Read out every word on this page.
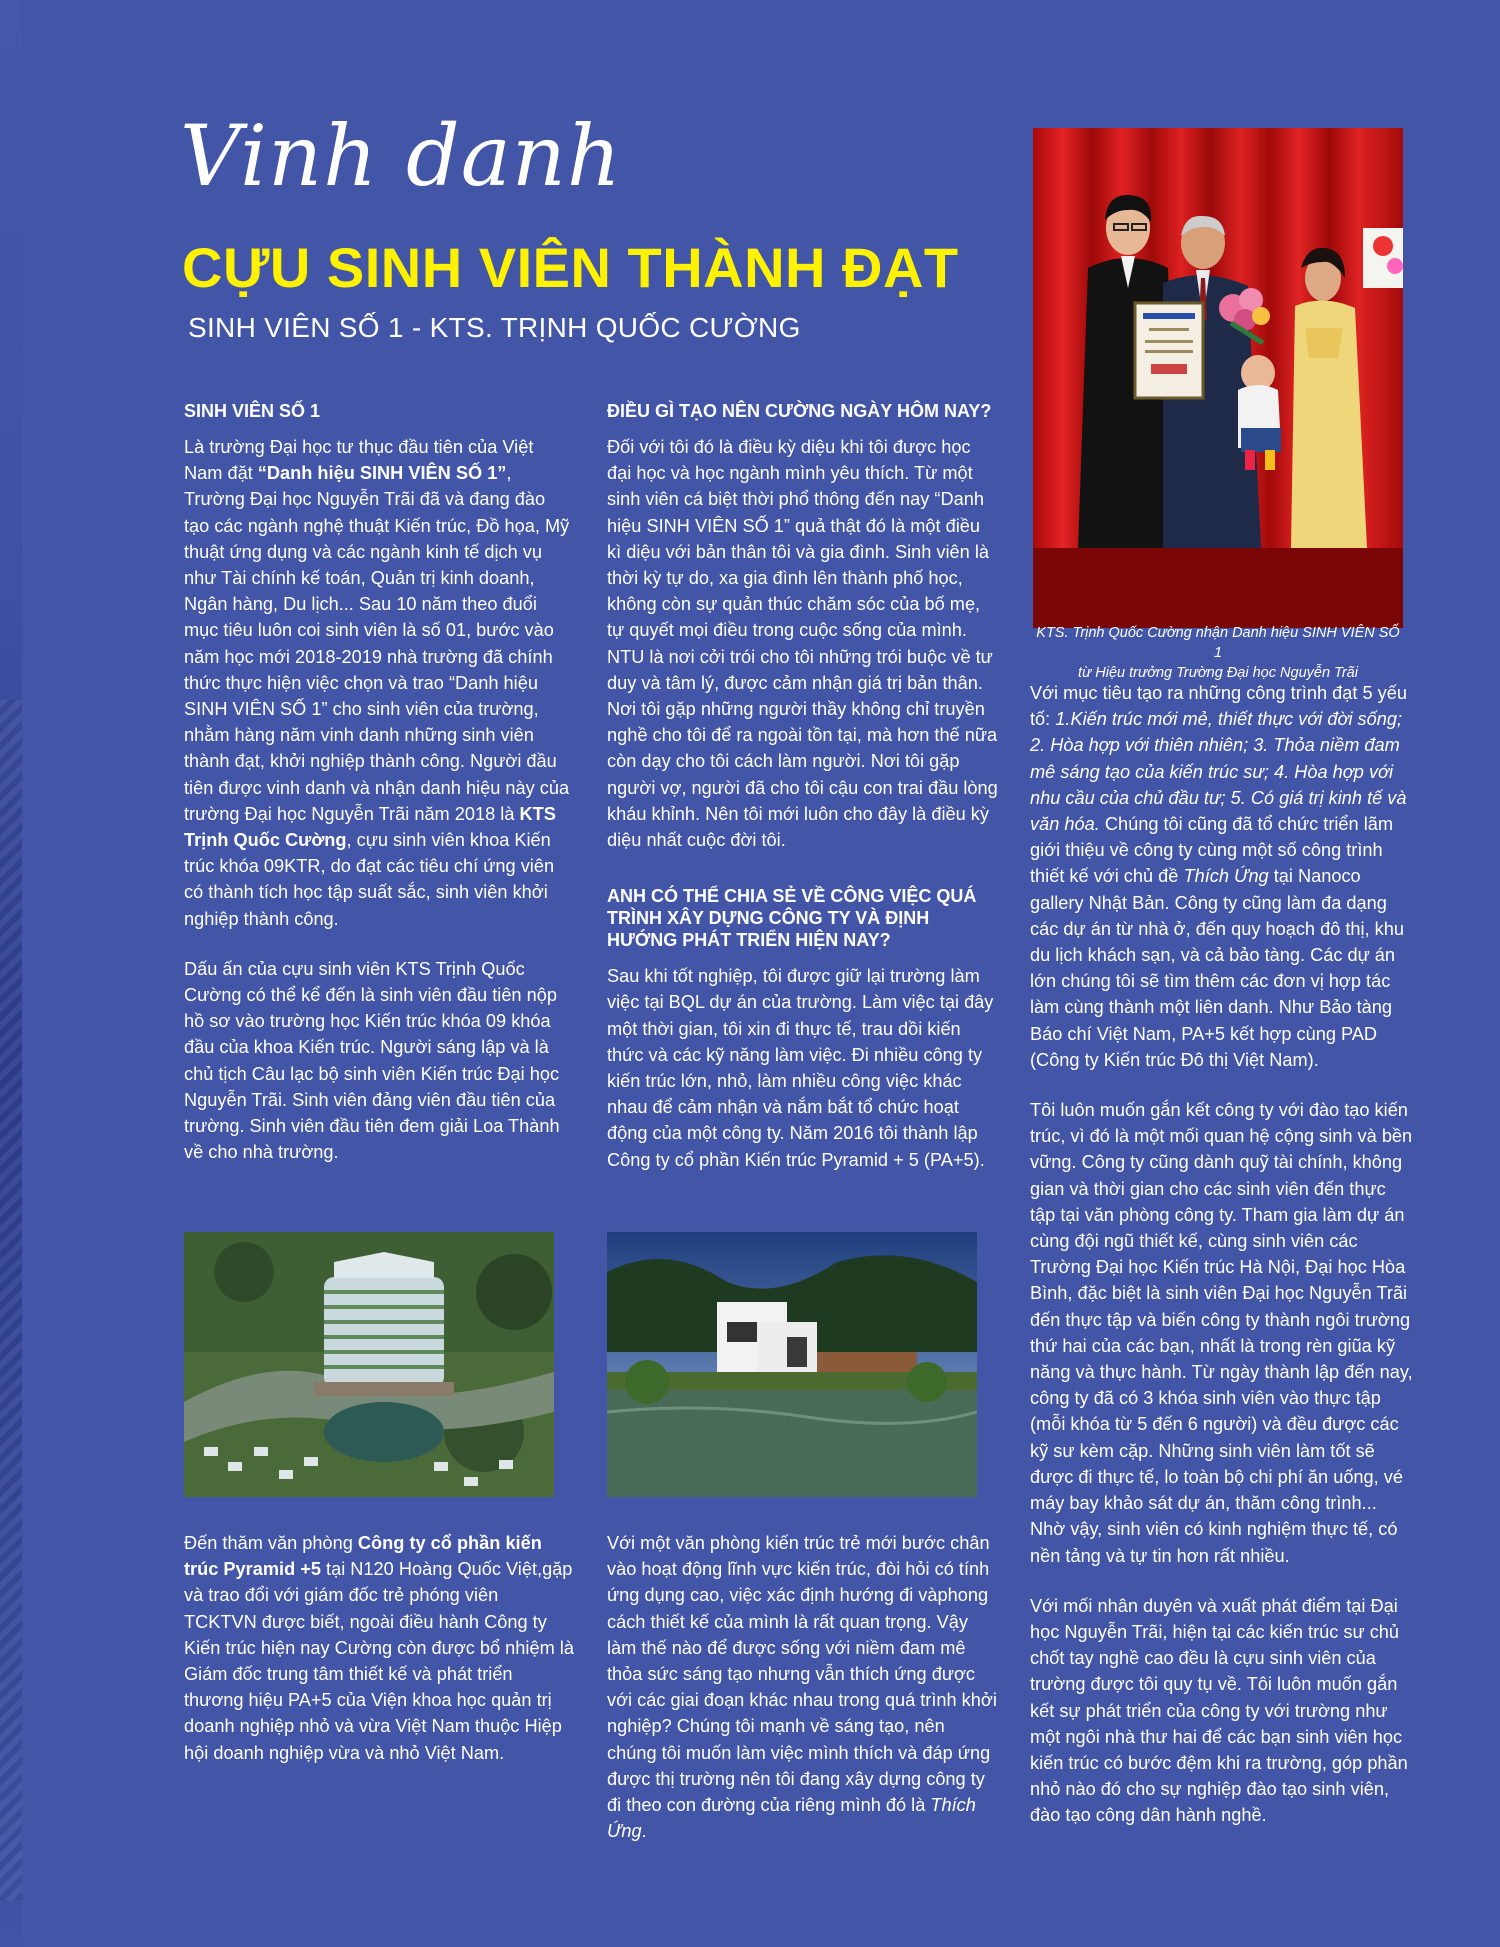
Vinh danh
CỰU SINH VIÊN THÀNH ĐẠT
SINH VIÊN SỐ 1 - KTS. TRỊNH QUỐC CƯỜNG
KTS. Trịnh Quốc Cường nhận Danh hiệu SINH VIÊN SỐ 1
từ Hiệu trưởng Trường Đại học Nguyễn Trãi
SINH VIÊN SỐ 1

Là trường Đại học tư thục đầu tiên của Việt Nam đặt “Danh hiệu SINH VIÊN SỐ 1”, Trường Đại học Nguyễn Trãi đã và đang đào tạo các ngành nghệ thuật Kiến trúc, Đồ họa, Mỹ thuật ứng dụng và các ngành kinh tế dịch vụ như Tài chính kế toán, Quản trị kinh doanh, Ngân hàng, Du lịch... Sau 10 năm theo đuổi mục tiêu luôn coi sinh viên là số 01, bước vào năm học mới 2018-2019 nhà trường đã chính thức thực hiện việc chọn và trao “Danh hiệu SINH VIÊN SỐ 1” cho sinh viên của trường, nhằm hàng năm vinh danh những sinh viên thành đạt, khởi nghiệp thành công. Người đầu tiên được vinh danh và nhận danh hiệu này của trường Đại học Nguyễn Trãi năm 2018 là KTS Trịnh Quốc Cường, cựu sinh viên khoa Kiến trúc khóa 09KTR, do đạt các tiêu chí ứng viên có thành tích học tập suất sắc, sinh viên khởi nghiệp thành công.

Dấu ấn của cựu sinh viên KTS Trịnh Quốc Cường có thể kể đến là sinh viên đầu tiên nộp hồ sơ vào trường học Kiến trúc khóa 09 khóa đầu của khoa Kiến trúc. Người sáng lập và là chủ tịch Câu lạc bộ sinh viên Kiến trúc Đại học Nguyễn Trãi. Sinh viên đảng viên đầu tiên của trường. Sinh viên đầu tiên đem giải Loa Thành về cho nhà trường.

ĐIỀU GÌ TẠO NÊN CƯỜNG NGÀY HÔM NAY?

Đối với tôi đó là điều kỳ diệu khi tôi được học đại học và học ngành mình yêu thích. Từ một sinh viên cá biệt thời phổ thông đến nay “Danh hiệu SINH VIÊN SỐ 1” quả thật đó là một điều kì diệu với bản thân tôi và gia đình. Sinh viên là thời kỳ tự do, xa gia đình lên thành phố học, không còn sự quản thúc chăm sóc của bố mẹ, tự quyết mọi điều trong cuộc sống của mình. NTU là nơi cởi trói cho tôi những trói buộc về tư duy và tâm lý, được cảm nhận giá trị bản thân. Nơi tôi gặp những người thầy không chỉ truyền nghề cho tôi để ra ngoài tồn tại, mà hơn thế nữa còn dạy cho tôi cách làm người. Nơi tôi gặp người vợ, người đã cho tôi cậu con trai đầu lòng kháu khỉnh. Nên tôi mới luôn cho đây là điều kỳ diệu nhất cuộc đời tôi.

ANH CÓ THỂ CHIA SẺ VỀ CÔNG VIỆC QUÁ TRÌNH XÂY DỰNG CÔNG TY VÀ ĐỊNH HƯỚNG PHÁT TRIỂN HIỆN NAY?

Sau khi tốt nghiệp, tôi được giữ lại trường làm việc tại BQL dự án của trường. Làm việc tại đây một thời gian, tôi xin đi thực tế, trau dồi kiến thức và các kỹ năng làm việc. Đi nhiều công ty kiến trúc lớn, nhỏ, làm nhiều công việc khác nhau để cảm nhận và nắm bắt tổ chức hoạt động của một công ty. Năm 2016 tôi thành lập Công ty cổ phần Kiến trúc Pyramid + 5 (PA+5).

Đến thăm văn phòng Công ty cổ phần kiến trúc Pyramid +5 tại N120 Hoàng Quốc Việt,gặp và trao đổi với giám đốc trẻ phóng viên TCKTVN được biết, ngoài điều hành Công ty Kiến trúc hiện nay Cường còn được bổ nhiệm là Giám đốc trung tâm thiết kế và phát triển thương hiệu PA+5 của Viện khoa học quản trị doanh nghiệp nhỏ và vừa Việt Nam thuộc Hiệp hội doanh nghiệp vừa và nhỏ Việt Nam.

Với một văn phòng kiến trúc trẻ mới bước chân vào hoạt động lĩnh vực kiến trúc, đòi hỏi có tính ứng dụng cao, việc xác định hướng đi vàphong cách thiết kế của mình là rất quan trọng. Vậy làm thế nào để được sống với niềm đam mê thỏa sức sáng tạo nhưng vẫn thích ứng được với các giai đoạn khác nhau trong quá trình khởi nghiệp? Chúng tôi mạnh về sáng tạo, nên chúng tôi muốn làm việc mình thích và đáp ứng được thị trường nên tôi đang xây dựng công ty đi theo con đường của riêng mình đó là Thích Ứng.

Với mục tiêu tạo ra những công trình đạt 5 yếu tố: 1.Kiến trúc mới mẻ, thiết thực với đời sống; 2. Hòa hợp với thiên nhiên; 3. Thỏa niềm đam mê sáng tạo của kiến trúc sư; 4. Hòa hợp với nhu cầu của chủ đầu tư; 5. Có giá trị kinh tế và văn hóa. Chúng tôi cũng đã tổ chức triển lãm giới thiệu về công ty cùng một số công trình thiết kế với chủ đề Thích Ứng tại Nanoco gallery Nhật Bản. Công ty cũng làm đa dạng các dự án từ nhà ở, đến quy hoạch đô thị, khu du lịch khách sạn, và cả bảo tàng. Các dự án lớn chúng tôi sẽ tìm thêm các đơn vị hợp tác làm cùng thành một liên danh. Như Bảo tàng Báo chí Việt Nam, PA+5 kết hợp cùng PAD (Công ty Kiến trúc Đô thị Việt Nam).

Tôi luôn muốn gắn kết công ty với đào tạo kiến trúc, vì đó là một mối quan hệ cộng sinh và bền vững. Công ty cũng dành quỹ tài chính, không gian và thời gian cho các sinh viên đến thực tập tại văn phòng công ty. Tham gia làm dự án cùng đội ngũ thiết kế, cùng sinh viên các Trường Đại học Kiến trúc Hà Nội, Đại học Hòa Bình, đặc biệt là sinh viên Đại học Nguyễn Trãi đến thực tập và biến công ty thành ngôi trường thứ hai của các bạn, nhất là trong rèn giũa kỹ năng và thực hành. Từ ngày thành lập đến nay, công ty đã có 3 khóa sinh viên vào thực tập (mỗi khóa từ 5 đến 6 người) và đều được các kỹ sư kèm cặp. Những sinh viên làm tốt sẽ được đi thực tế, lo toàn bộ chi phí ăn uống, vé máy bay khảo sát dự án, thăm công trình...
Nhờ vậy, sinh viên có kinh nghiệm thực tế, có nền tảng và tự tin hơn rất nhiều.

Với mối nhân duyên và xuất phát điểm tại Đại học Nguyễn Trãi, hiện tại các kiến trúc sư chủ chốt tay nghề cao đều là cựu sinh viên của trường được tôi quy tụ về. Tôi luôn muốn gắn kết sự phát triển của công ty với trường như một ngôi nhà thư hai để các bạn sinh viên học kiến trúc có bước đệm khi ra trường, góp phần nhỏ nào đó cho sự nghiệp đào tạo sinh viên, đào tạo công dân hành nghề.
